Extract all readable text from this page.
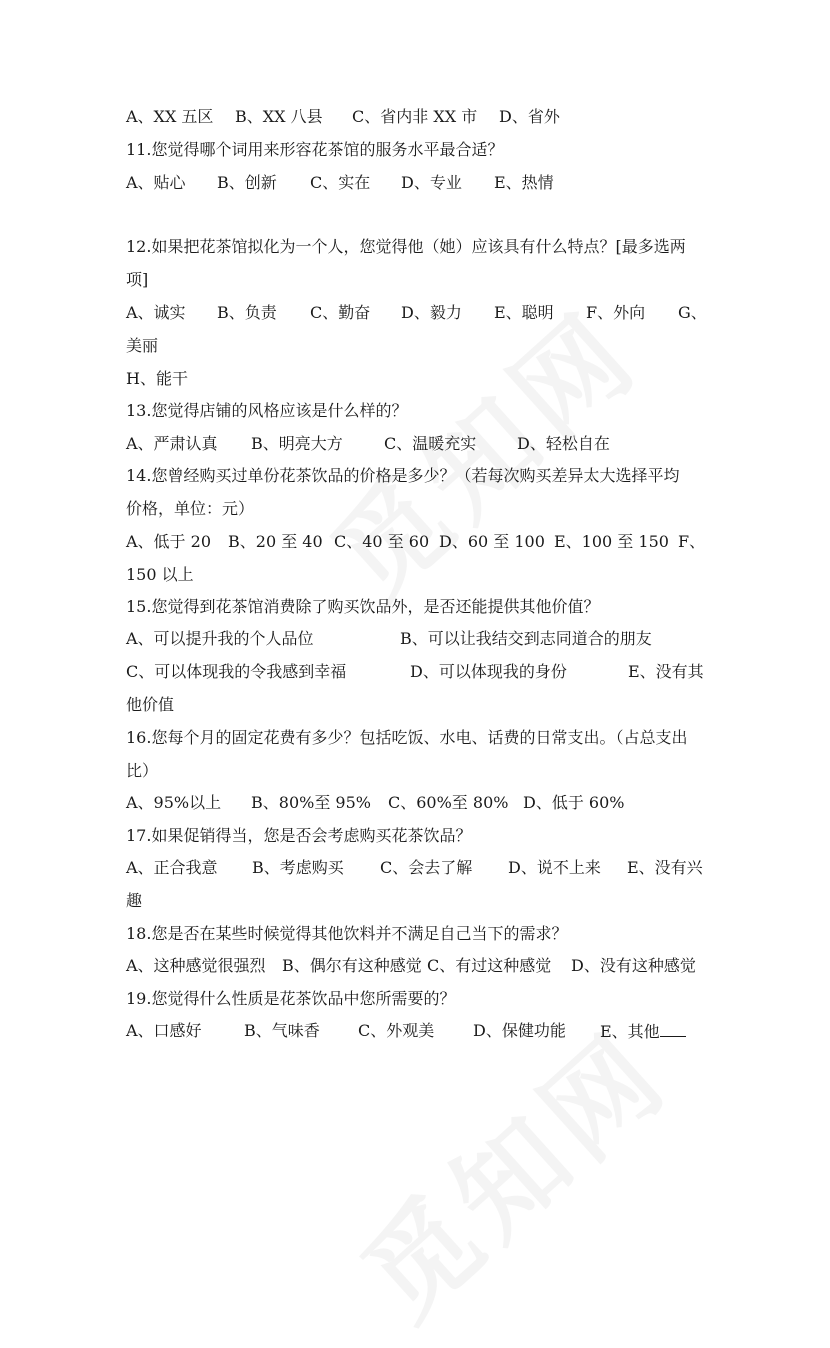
A、XX 五区 B、XX 八县 C、省内非 XX 市 D、省外
11.您觉得哪个词用来形容花茶馆的服务水平最合适？
A、贴心 B、创新 C、实在 D、专业 E、热情
12.如果把花茶馆拟化为一个人，您觉得他（她）应该具有什么特点？[最多选两
项]
A、诚实 B、负责 C、勤奋 D、毅力 E、聪明 F、外向 G、
美丽
H、能干
13.您觉得店铺的风格应该是什么样的？
A、严肃认真 B、明亮大方	C、温暖充实	D、轻松自在
14.您曾经购买过单份花茶饮品的价格是多少？（若每次购买差异太大选择平均
价格，单位：元）
A、低于 20 B、20 至 40 C、40 至 60 D、60 至 100 E、100 至 150 F、
150 以上
15.您觉得到花茶馆消费除了购买饮品外，是否还能提供其他价值？
A、可以提升我的个人品位	B、可以让我结交到志同道合的朋友
C、可以体现我的令我感到幸福	D、可以体现我的身份	E、没有其
他价值
16.您每个月的固定花费有多少？包括吃饭、水电、话费的日常支出。（占总支出
比）
A、95%以上 B、80%至 95% C、60%至 80% D、低于 60%
17.如果促销得当，您是否会考虑购买花茶饮品？
A、正合我意 B、考虑购买 C、会去了解 D、说不上来 E、没有兴
趣
18.您是否在某些时候觉得其他饮料并不满足自己当下的需求？
A、这种感觉很强烈 B、偶尔有这种感觉 C、有过这种感觉 D、没有这种感觉
19.您觉得什么性质是花茶饮品中您所需要的？
A、口感好	B、气味香 C、外观美 D、保健功能 E、其他
